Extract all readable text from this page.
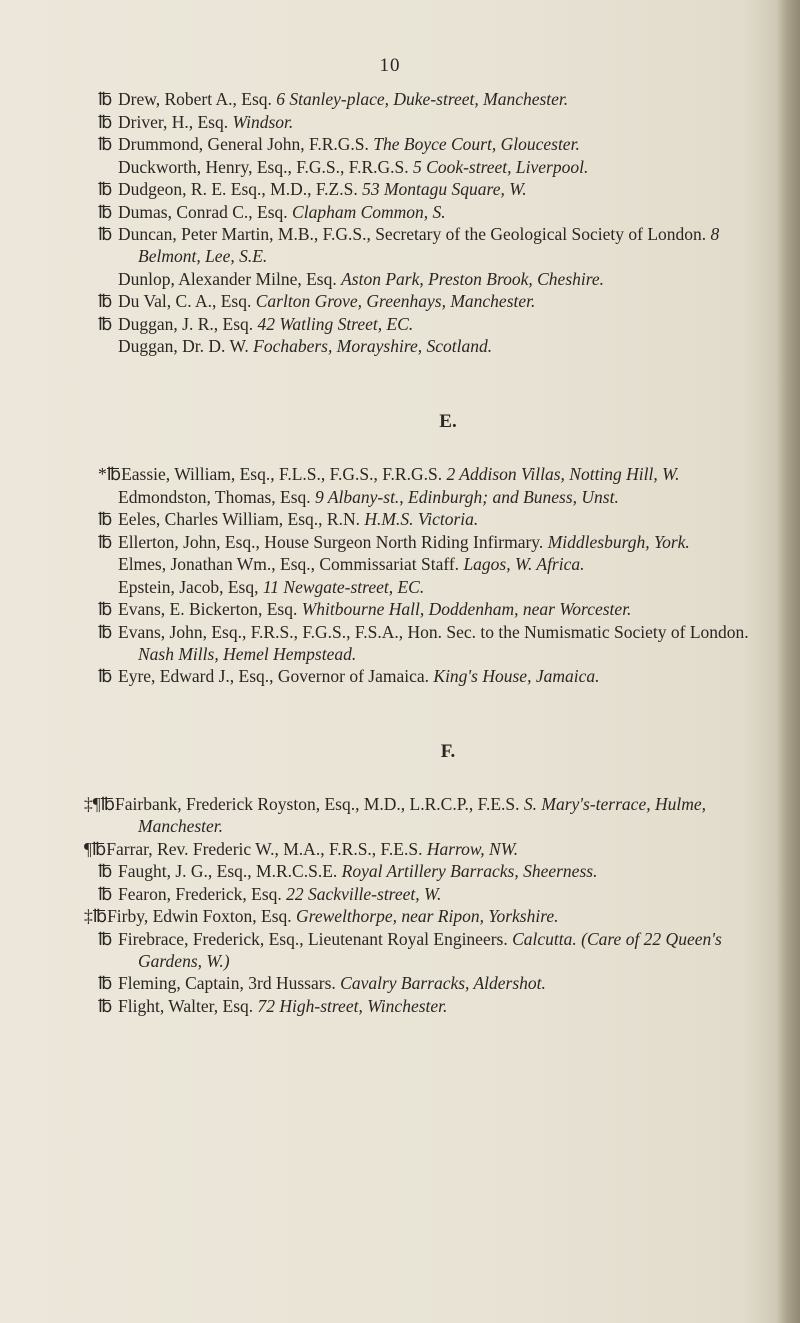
10
℔ Drew, Robert A., Esq. 6 Stanley-place, Duke-street, Manchester.
℔ Driver, H., Esq. Windsor.
℔ Drummond, General John, F.R.G.S. The Boyce Court, Gloucester.
Duckworth, Henry, Esq., F.G.S., F.R.G.S. 5 Cook-street, Liverpool.
℔ Dudgeon, R. E. Esq., M.D., F.Z.S. 53 Montagu Square, W.
℔ Dumas, Conrad C., Esq. Clapham Common, S.
℔ Duncan, Peter Martin, M.B., F.G.S., Secretary of the Geological Society of London. 8 Belmont, Lee, S.E.
Dunlop, Alexander Milne, Esq. Aston Park, Preston Brook, Cheshire.
℔ Du Val, C. A., Esq. Carlton Grove, Greenhays, Manchester.
℔ Duggan, J. R., Esq. 42 Watling Street, EC.
Duggan, Dr. D. W. Fochabers, Morayshire, Scotland.
E.
*℔Eassie, William, Esq., F.L.S., F.G.S., F.R.G.S. 2 Addison Villas, Notting Hill, W.
Edmondston, Thomas, Esq. 9 Albany-st., Edinburgh; and Buness, Unst.
℔ Eeles, Charles William, Esq., R.N. H.M.S. Victoria.
℔ Ellerton, John, Esq., House Surgeon North Riding Infirmary. Middlesburgh, York.
Elmes, Jonathan Wm., Esq., Commissariat Staff. Lagos, W. Africa.
Epstein, Jacob, Esq, 11 Newgate-street, EC.
℔ Evans, E. Bickerton, Esq. Whitbourne Hall, Doddenham, near Worcester.
℔ Evans, John, Esq., F.R.S., F.G.S., F.S.A., Hon. Sec. to the Numismatic Society of London. Nash Mills, Hemel Hempstead.
℔ Eyre, Edward J., Esq., Governor of Jamaica. King's House, Jamaica.
F.
‡¶℔Fairbank, Frederick Royston, Esq., M.D., L.R.C.P., F.E.S. S. Mary's-terrace, Hulme, Manchester.
¶℔Farrar, Rev. Frederic W., M.A., F.R.S., F.E.S. Harrow, NW.
℔ Faught, J. G., Esq., M.R.C.S.E. Royal Artillery Barracks, Sheerness.
℔ Fearon, Frederick, Esq. 22 Sackville-street, W.
‡℔Firby, Edwin Foxton, Esq. Grewelthorpe, near Ripon, Yorkshire.
℔ Firebrace, Frederick, Esq., Lieutenant Royal Engineers. Calcutta. (Care of 22 Queen's Gardens, W.)
℔ Fleming, Captain, 3rd Hussars. Cavalry Barracks, Aldershot.
℔ Flight, Walter, Esq. 72 High-street, Winchester.
